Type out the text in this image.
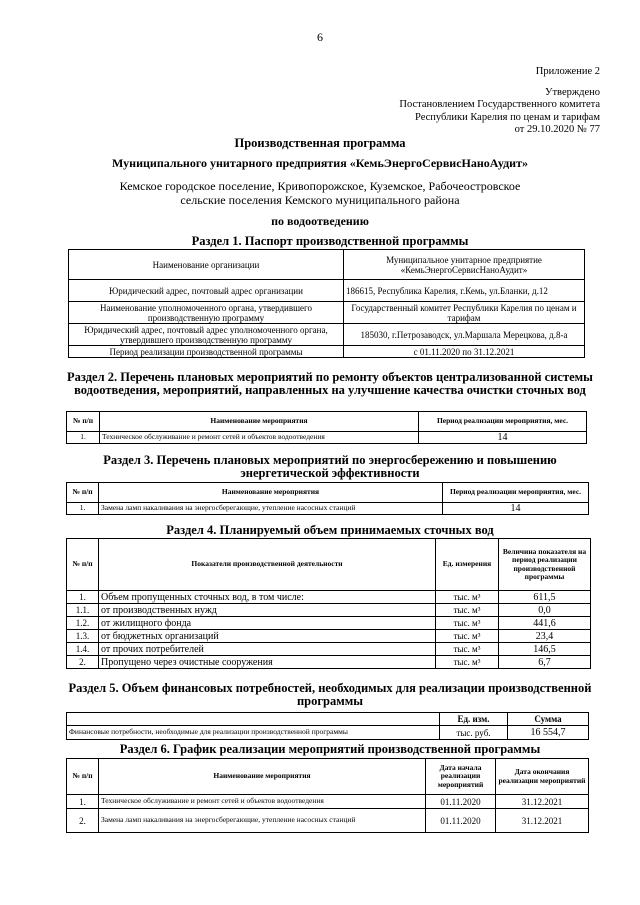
6
Приложение 2
Утверждено
Постановлением Государственного комитета
Республики Карелия по ценам и тарифам
от 29.10.2020 № 77
Производственная программа
Муниципального унитарного предприятия «КемьЭнергоСервисНаноАудит»
Кемское городское поселение, Кривопорожское, Куземское, Рабочеостровское сельские поселения Кемского муниципального района
по водоотведению
Раздел 1. Паспорт производственной программы
Наименование организации	Муниципальное унитарное предприятие «КемьЭнергоСервисНаноАудит»
Юридический адрес, почтовый адрес организации	186615, Республика Карелия, г.Кемь, ул.Бланки, д.12
Наименование уполномоченного органа, утвердившего производственную программу	Государственный комитет Республики Карелия по ценам и тарифам
Юридический адрес, почтовый адрес уполномоченного органа, утвердившего производственную программу	185030, г.Петрозаводск, ул.Маршала Мерецкова, д.8-а
Период реализации производственной программы	с 01.11.2020 по 31.12.2021
Раздел 2. Перечень плановых мероприятий по ремонту объектов централизованной системы водоотведения, мероприятий, направленных на улучшение качества очистки сточных вод
№ п/п	Наименование мероприятия	Период реализации мероприятия, мес.
1.	Техническое обслуживание и ремонт сетей и объектов водоотведения	14
Раздел 3. Перечень плановых мероприятий по энергосбережению и повышению энергетической эффективности
№ п/п	Наименование мероприятия	Период реализации мероприятия, мес.
1.	Замена ламп накаливания на энергосберегающие, утепление насосных станций	14
Раздел 4. Планируемый объем принимаемых сточных вод
№ п/п	Показатели производственной деятельности	Ед. измерения	Величина показателя на период реализации производственной программы
1.	Объем пропущенных сточных вод, в том числе:	тыс. м³	611,5
1.1.	от производственных нужд	тыс. м³	0,0
1.2.	от жилищного фонда	тыс. м³	441,6
1.3.	от бюджетных организаций	тыс. м³	23,4
1.4.	от прочих потребителей	тыс. м³	146,5
2.	Пропущено через очистные сооружения	тыс. м³	6,7
Раздел 5. Объем финансовых потребностей, необходимых для реализации производственной программы
	Ед. изм.	Сумма
Финансовые потребности, необходимые для реализации производственной программы	тыс. руб.	16 554,7
Раздел 6. График реализации мероприятий производственной программы
№ п/п	Наименование мероприятия	Дата начала реализации мероприятий	Дата окончания реализации мероприятий
1.	Техническое обслуживание и ремонт сетей и объектов водоотведения	01.11.2020	31.12.2021
2.	Замена ламп накаливания на энергосберегающие, утепление насосных станций	01.11.2020	31.12.2021
